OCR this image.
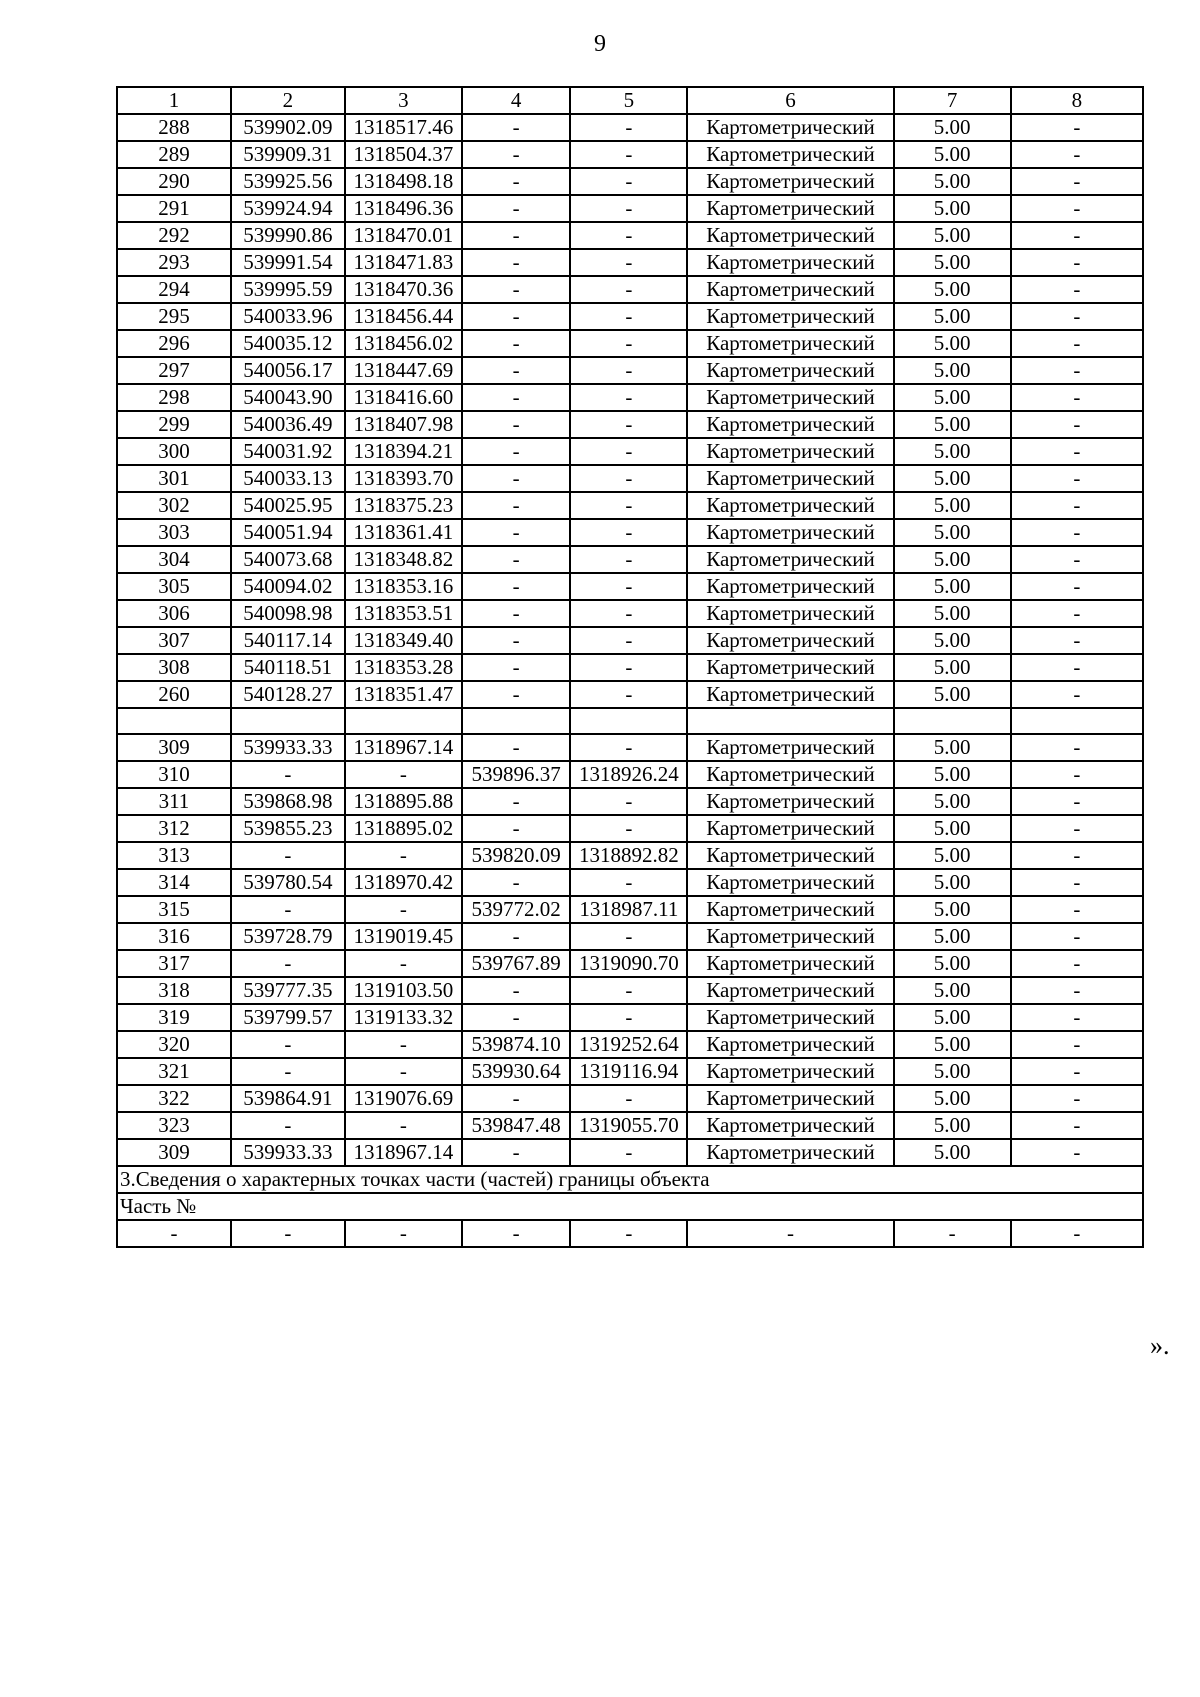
9
1	2	3	4	5	6	7	8
288	539902.09	1318517.46	-	-	Картометрический	5.00	-
289	539909.31	1318504.37	-	-	Картометрический	5.00	-
290	539925.56	1318498.18	-	-	Картометрический	5.00	-
291	539924.94	1318496.36	-	-	Картометрический	5.00	-
292	539990.86	1318470.01	-	-	Картометрический	5.00	-
293	539991.54	1318471.83	-	-	Картометрический	5.00	-
294	539995.59	1318470.36	-	-	Картометрический	5.00	-
295	540033.96	1318456.44	-	-	Картометрический	5.00	-
296	540035.12	1318456.02	-	-	Картометрический	5.00	-
297	540056.17	1318447.69	-	-	Картометрический	5.00	-
298	540043.90	1318416.60	-	-	Картометрический	5.00	-
299	540036.49	1318407.98	-	-	Картометрический	5.00	-
300	540031.92	1318394.21	-	-	Картометрический	5.00	-
301	540033.13	1318393.70	-	-	Картометрический	5.00	-
302	540025.95	1318375.23	-	-	Картометрический	5.00	-
303	540051.94	1318361.41	-	-	Картометрический	5.00	-
304	540073.68	1318348.82	-	-	Картометрический	5.00	-
305	540094.02	1318353.16	-	-	Картометрический	5.00	-
306	540098.98	1318353.51	-	-	Картометрический	5.00	-
307	540117.14	1318349.40	-	-	Картометрический	5.00	-
308	540118.51	1318353.28	-	-	Картометрический	5.00	-
260	540128.27	1318351.47	-	-	Картометрический	5.00	-

309	539933.33	1318967.14	-	-	Картометрический	5.00	-
310	-	-	539896.37	1318926.24	Картометрический	5.00	-
311	539868.98	1318895.88	-	-	Картометрический	5.00	-
312	539855.23	1318895.02	-	-	Картометрический	5.00	-
313	-	-	539820.09	1318892.82	Картометрический	5.00	-
314	539780.54	1318970.42	-	-	Картометрический	5.00	-
315	-	-	539772.02	1318987.11	Картометрический	5.00	-
316	539728.79	1319019.45	-	-	Картометрический	5.00	-
317	-	-	539767.89	1319090.70	Картометрический	5.00	-
318	539777.35	1319103.50	-	-	Картометрический	5.00	-
319	539799.57	1319133.32	-	-	Картометрический	5.00	-
320	-	-	539874.10	1319252.64	Картометрический	5.00	-
321	-	-	539930.64	1319116.94	Картометрический	5.00	-
322	539864.91	1319076.69	-	-	Картометрический	5.00	-
323	-	-	539847.48	1319055.70	Картометрический	5.00	-
309	539933.33	1318967.14	-	-	Картометрический	5.00	-
3.Сведения о характерных точках части (частей) границы объекта							
Часть №							
-	-	-	-	-	-	-	-
».
